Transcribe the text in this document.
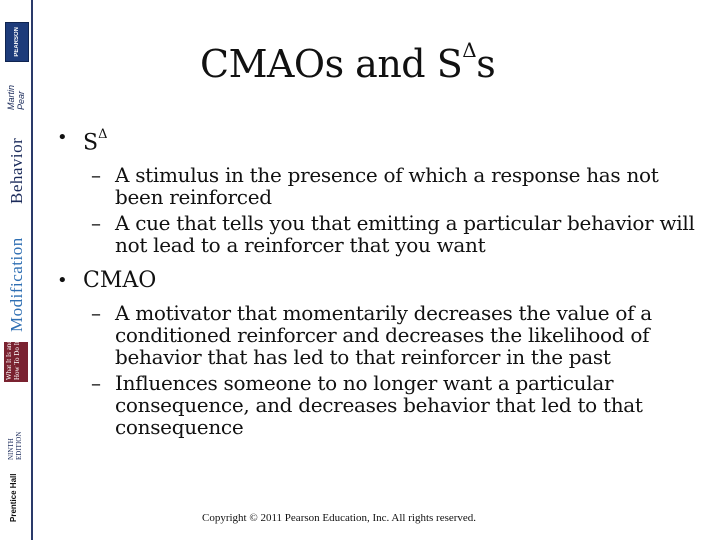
PEARSON
Martin
Pear
Behavior
Modification
What It Is and
How To Do It
NINTH
EDITION
Prentice Hall
CMAOs and $S^\Delta s$
• $S^\Delta$
– A stimulus in the presence of which a response has not been reinforced
– A cue that tells you that emitting a particular behavior will not lead to a reinforcer that you want
• CMAO
– A motivator that momentarily decreases the value of a conditioned reinforcer and decreases the likelihood of behavior that has led to that reinforcer in the past
– Influences someone to no longer want a particular consequence, and decreases behavior that led to that consequence
Copyright © 2011 Pearson Education, Inc. All rights reserved.
